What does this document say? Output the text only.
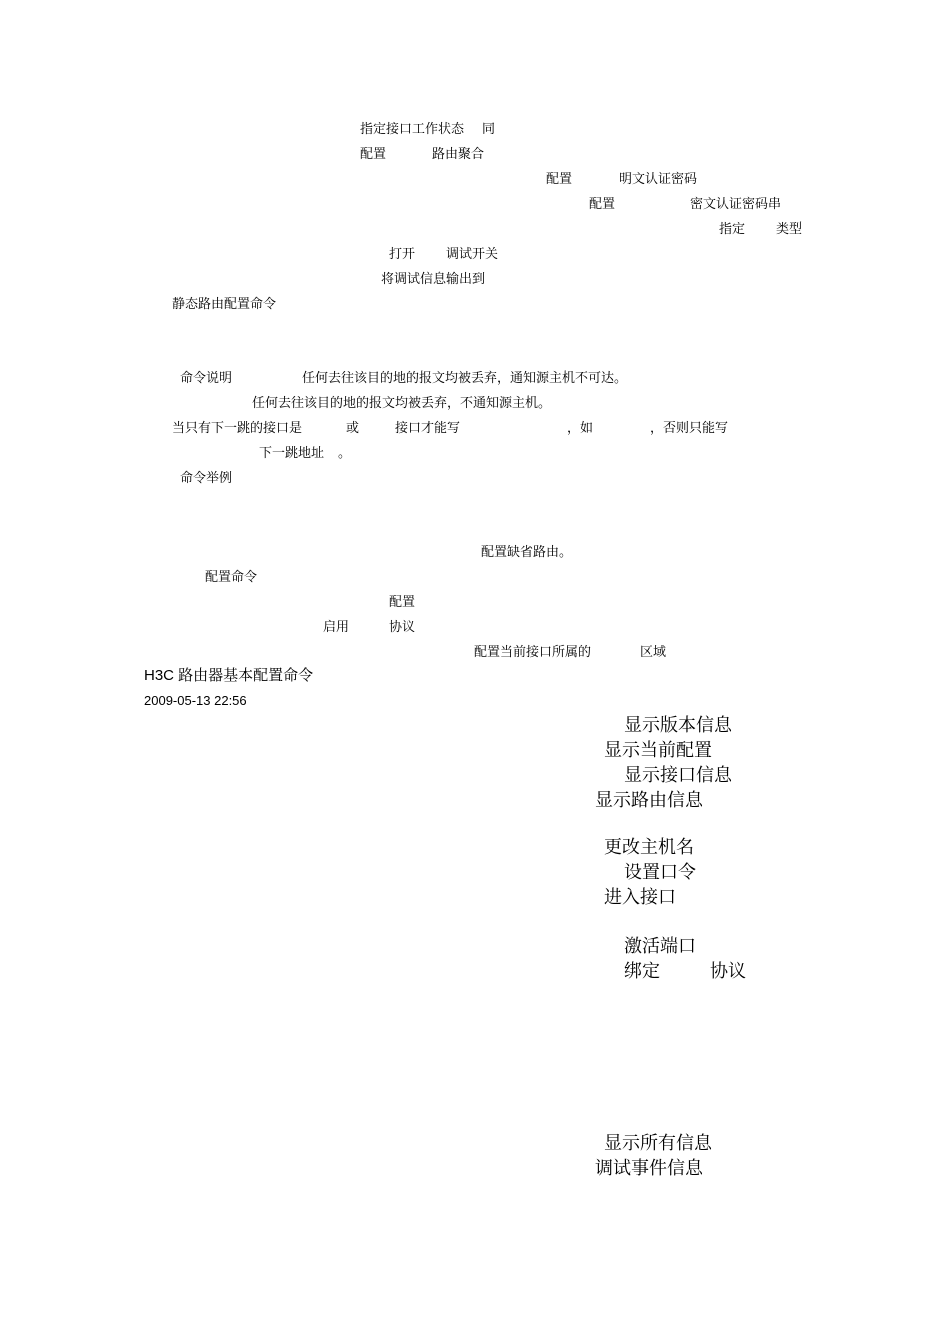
指定接口工作状态 同
配置	路由聚合
配置	明文认证密码
配置	密文认证密码串
指定 类型
打开 调试开关
将调试信息输出到
静态路由配置命令
命令说明	任何去往该目的地的报文均被丢弃，通知源主机不可达。
任何去往该目的地的报文均被丢弃，不通知源主机。
当只有下一跳的接口是	或	接口才能写	，如	，否则只能写
下一跳地址 。
命令举例
配置缺省路由。
配置命令
配置
启用	协议
配置当前接口所属的	区域
H3C 路由器基本配置命令
2009-05-13 22:56
显示版本信息
显示当前配置
显示接口信息
显示路由信息
更改主机名
设置口令
进入接口
激活端口
绑定	协议
显示所有信息
调试事件信息
